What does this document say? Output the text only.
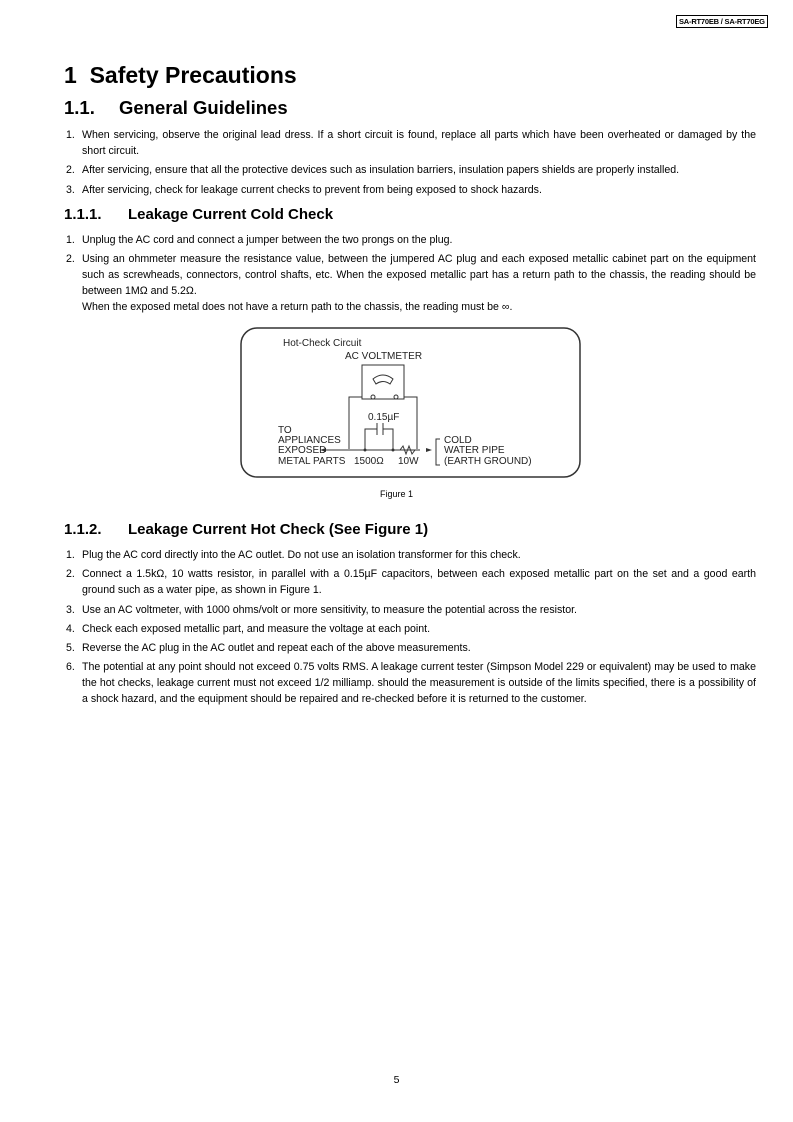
SA-RT70EB / SA-RT70EG
1 Safety Precautions
1.1. General Guidelines
1. When servicing, observe the original lead dress. If a short circuit is found, replace all parts which have been overheated or damaged by the short circuit.
2. After servicing, ensure that all the protective devices such as insulation barriers, insulation papers shields are properly installed.
3. After servicing, check for leakage current checks to prevent from being exposed to shock hazards.
1.1.1. Leakage Current Cold Check
1. Unplug the AC cord and connect a jumper between the two prongs on the plug.
2. Using an ohmmeter measure the resistance value, between the jumpered AC plug and each exposed metallic cabinet part on the equipment such as screwheads, connectors, control shafts, etc. When the exposed metallic part has a return path to the chassis, the reading should be between 1MΩ and 5.2Ω.
When the exposed metal does not have a return path to the chassis, the reading must be ∞.
Hot-Check Circuit
AC VOLTMETER
0.15µF
TO
APPLIANCES
EXPOSED
METAL PARTS 1500Ω 10W
COLD
WATER PIPE
(EARTH GROUND)
Figure 1
1.1.2. Leakage Current Hot Check (See Figure 1)
1. Plug the AC cord directly into the AC outlet. Do not use an isolation transformer for this check.
2. Connect a 1.5kΩ, 10 watts resistor, in parallel with a 0.15µF capacitors, between each exposed metallic part on the set and a good earth ground such as a water pipe, as shown in Figure 1.
3. Use an AC voltmeter, with 1000 ohms/volt or more sensitivity, to measure the potential across the resistor.
4. Check each exposed metallic part, and measure the voltage at each point.
5. Reverse the AC plug in the AC outlet and repeat each of the above measurements.
6. The potential at any point should not exceed 0.75 volts RMS. A leakage current tester (Simpson Model 229 or equivalent) may be used to make the hot checks, leakage current must not exceed 1/2 milliamp. should the measurement is outside of the limits specified, there is a possibility of a shock hazard, and the equipment should be repaired and re-checked before it is returned to the customer.
5
